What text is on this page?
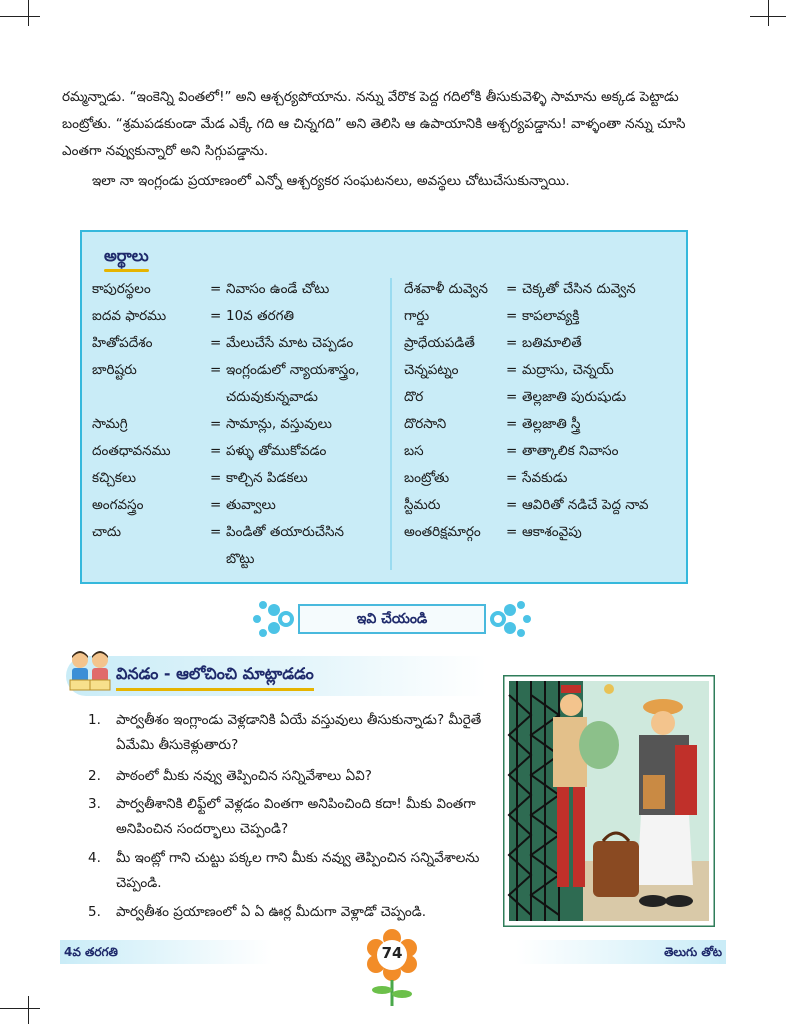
రమ్మన్నాడు. “ఇంకెన్ని వింతలో!” అని ఆశ్చర్యపోయాను. నన్ను వేరొక పెద్ద గదిలోకి తీసుకువెళ్ళి సామాను అక్కడ పెట్టాడు బంట్రోతు. “శ్రమపడకుండా మేడ ఎక్కే గది ఆ చిన్నగది” అని తెలిసి ఆ ఉపాయానికి ఆశ్చర్యపడ్డాను! వాళ్ళంతా నన్ను చూసి ఎంతగా నవ్వుకున్నారో అని సిగ్గుపడ్డాను.

ఇలా నా ఇంగ్లండు ప్రయాణంలో ఎన్నో ఆశ్చర్యకర సంఘటనలు, అవస్థలు చోటుచేసుకున్నాయి.

అర్థాలు
కాపురస్థలం	= నివాసం ఉండే చోటు
ఐదవ ఫారము	= 10వ తరగతి
హితోపదేశం	= మేలుచేసే మాట చెప్పడం
బారిష్టరు	= ఇంగ్లండులో న్యాయశాస్త్రం,
చదువుకున్నవాడు
సామగ్రి	= సామాన్లు, వస్తువులు
దంతధావనము	= పళ్ళు తోముకోవడం
కచ్చికలు	= కాల్చిన పిడకలు
అంగవస్త్రం	= తువ్వాలు
చాదు	= పిండితో తయారుచేసిన
బొట్టు
దేశవాళీ దువ్వెన = చెక్కతో చేసిన దువ్వెన
గార్డు	= కాపలావ్యక్తి
ప్రాధేయపడితే = బతిమాలితే
చెన్నపట్నం	= మద్రాసు, చెన్నయ్
దొర	= తెల్లజాతి పురుషుడు
దొరసాని	= తెల్లజాతి స్త్రీ
బస	= తాత్కాలిక నివాసం
బంట్రోతు	= సేవకుడు
స్టీమరు	= ఆవిరితో నడిచే పెద్ద నావ
అంతరిక్షమార్గం = ఆకాశంవైపు
ఇవి చేయండి
వినడం - ఆలోచించి మాట్లాడడం
1.	పార్వతీశం ఇంగ్లాండు వెళ్లడానికి ఏయే వస్తువులు తీసుకున్నాడు? మీరైతే ఏమేమి తీసుకెళ్లుతారు?
2.	పాఠంలో మీకు నవ్వు తెప్పించిన సన్నివేశాలు ఏవి?
3.	పార్వతీశానికి లిఫ్ట్‌లో వెళ్లడం వింతగా అనిపించింది కదా! మీకు వింతగా అనిపించిన సందర్భాలు చెప్పండి?
4.	మీ ఇంట్లో గాని చుట్టు పక్కల గాని మీకు నవ్వు తెప్పించిన సన్నివేశాలను చెప్పండి.
5.	పార్వతీశం ప్రయాణంలో ఏ ఏ ఊర్ల మీదుగా వెళ్లాడో చెప్పండి.
4వ తరగతి	తెలుగు తోట
74
